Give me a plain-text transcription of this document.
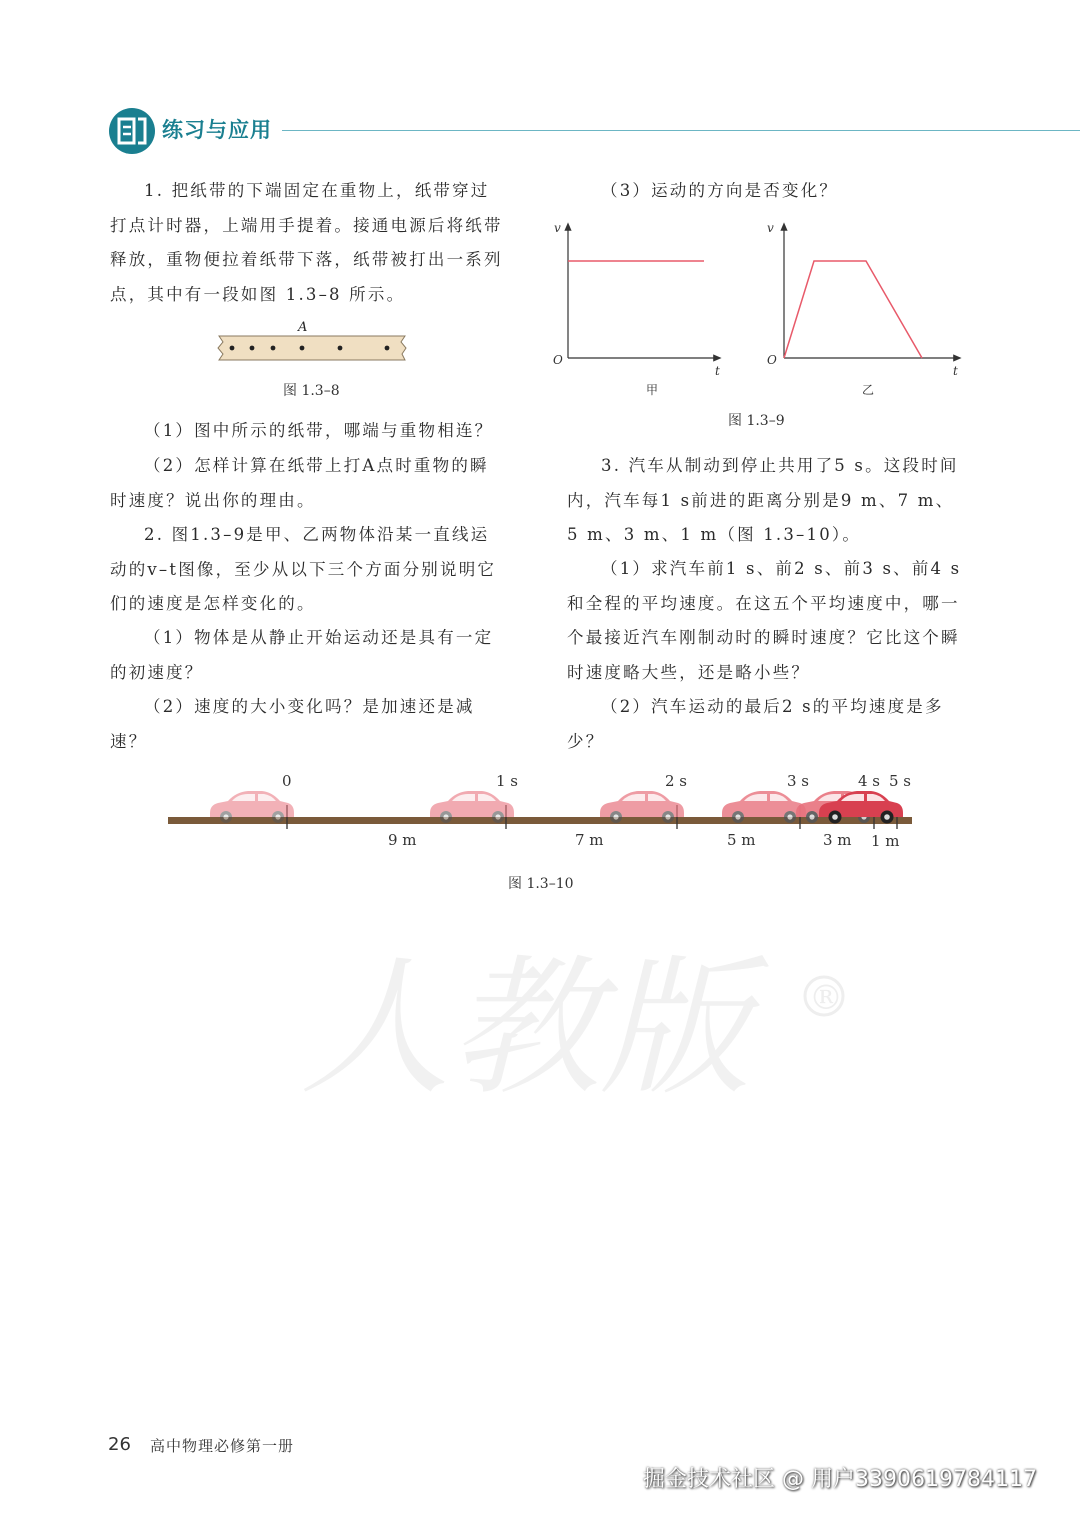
练习与应用

1. 把纸带的下端固定在重物上，纸带穿过打点计时器，上端用手提着。接通电源后将纸带释放，重物便拉着纸带下落，纸带被打出一系列点，其中有一段如图 1.3–8 所示。

A
图 1.3–8

（1）图中所示的纸带，哪端与重物相连？

（2）怎样计算在纸带上打A点时重物的瞬时速度？说出你的理由。

2. 图1.3–9是甲、乙两物体沿某一直线运动的v–t图像，至少从以下三个方面分别说明它们的速度是怎样变化的。

（1）物体是从静止开始运动还是具有一定的初速度？

（2）速度的大小变化吗？是加速还是减速？

（3）运动的方向是否变化？

v
t
O
v
t
O
甲	乙
图 1.3–9

3. 汽车从制动到停止共用了5 s。这段时间内，汽车每1 s前进的距离分别是9 m、7 m、5 m、3 m、1 m（图 1.3–10）。

（1）求汽车前1 s、前2 s、前3 s、前4 s和全程的平均速度。在这五个平均速度中，哪一个最接近汽车刚制动时的瞬时速度？它比这个瞬时速度略大些，还是略小些？

（2）汽车运动的最后2 s的平均速度是多少？

0	1 s	2 s	3 s	4 s 5 s
9 m	7 m	5 m	3 m 1 m
图 1.3–10
人教版	®
26 高中物理必修第一册
掘金技术社区 @ 用户3390619784117
